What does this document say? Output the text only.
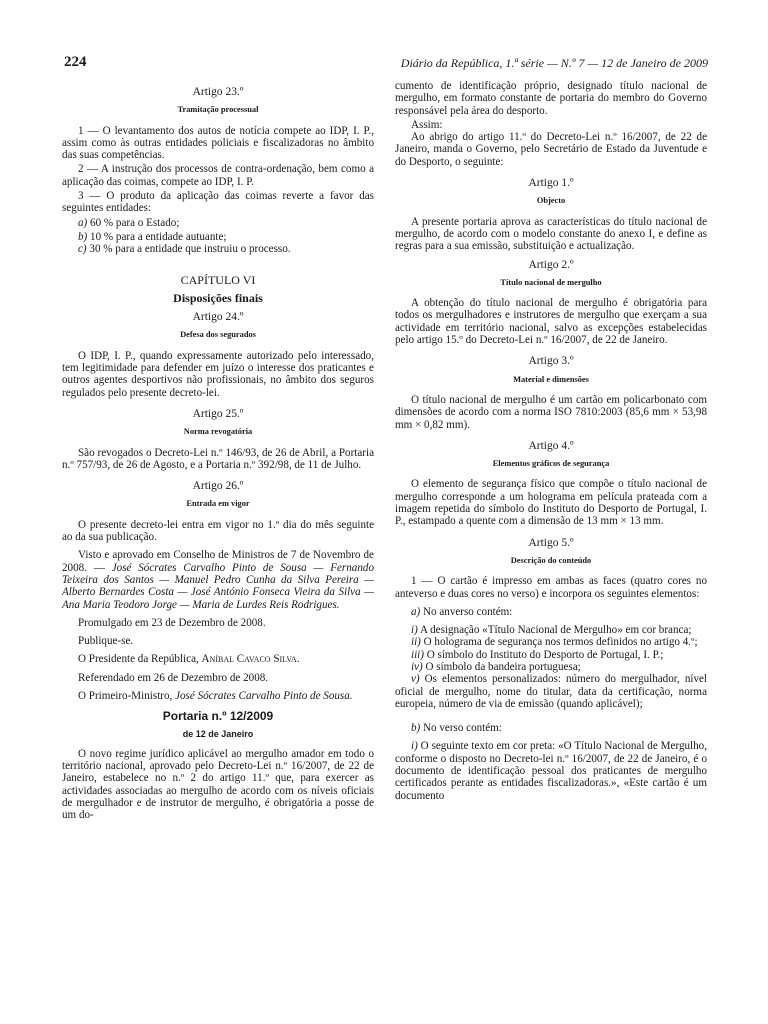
224	Diário da República, 1.ª série — N.º 7 — 12 de Janeiro de 2009
Artigo 23.º
Tramitação processual

1 — O levantamento dos autos de notícia compete ao IDP, I. P., assim como às outras entidades policiais e fiscalizadoras no âmbito das suas competências.

2 — A instrução dos processos de contra-ordenação, bem como a aplicação das coimas, compete ao IDP, I. P.

3 — O produto da aplicação das coimas reverte a favor das seguintes entidades:

a) 60 % para o Estado;

b) 10 % para a entidade autuante;

c) 30 % para a entidade que instruiu o processo.

CAPÍTULO VI
Disposições finais
Artigo 24.º
Defesa dos segurados

O IDP, I. P., quando expressamente autorizado pelo interessado, tem legitimidade para defender em juízo o interesse dos praticantes e outros agentes desportivos não profissionais, no âmbito dos seguros regulados pelo presente decreto-lei.

Artigo 25.º
Norma revogatória

São revogados o Decreto-Lei n.º 146/93, de 26 de Abril, a Portaria n.º 757/93, de 26 de Agosto, e a Portaria n.º 392/98, de 11 de Julho.

Artigo 26.º
Entrada em vigor

O presente decreto-lei entra em vigor no 1.º dia do mês seguinte ao da sua publicação.

Visto e aprovado em Conselho de Ministros de 7 de Novembro de 2008. — José Sócrates Carvalho Pinto de Sousa — Fernando Teixeira dos Santos — Manuel Pedro Cunha da Silva Pereira — Alberto Bernardes Costa — José António Fonseca Vieira da Silva — Ana Maria Teodoro Jorge — Maria de Lurdes Reis Rodrigues.

Promulgado em 23 de Dezembro de 2008.

Publique-se.

O Presidente da República, Aníbal Cavaco Silva.

Referendado em 26 de Dezembro de 2008.

O Primeiro-Ministro, José Sócrates Carvalho Pinto de Sousa.

Portaria n.º 12/2009
de 12 de Janeiro

O novo regime jurídico aplicável ao mergulho amador em todo o território nacional, aprovado pelo Decreto-Lei n.º 16/2007, de 22 de Janeiro, estabelece no n.º 2 do artigo 11.º que, para exercer as actividades associadas ao mergulho de acordo com os níveis oficiais de mergulhador e de instrutor de mergulho, é obrigatória a posse de um do-

cumento de identificação próprio, designado título nacional de mergulho, em formato constante de portaria do membro do Governo responsável pela área do desporto.

Assim:

Ao abrigo do artigo 11.º do Decreto-Lei n.º 16/2007, de 22 de Janeiro, manda o Governo, pelo Secretário de Estado da Juventude e do Desporto, o seguinte:

Artigo 1.º
Objecto

A presente portaria aprova as características do título nacional de mergulho, de acordo com o modelo constante do anexo I, e define as regras para a sua emissão, substituição e actualização.

Artigo 2.º
Título nacional de mergulho

A obtenção do título nacional de mergulho é obrigatória para todos os mergulhadores e instrutores de mergulho que exerçam a sua actividade em território nacional, salvo as excepções estabelecidas pelo artigo 15.º do Decreto-Lei n.º 16/2007, de 22 de Janeiro.

Artigo 3.º
Material e dimensões

O título nacional de mergulho é um cartão em policarbonato com dimensões de acordo com a norma ISO 7810:2003 (85,6 mm × 53,98 mm × 0,82 mm).

Artigo 4.º
Elementos gráficos de segurança

O elemento de segurança físico que compõe o título nacional de mergulho corresponde a um holograma em película prateada com a imagem repetida do símbolo do Instituto do Desporto de Portugal, I. P., estampado a quente com a dimensão de 13 mm × 13 mm.

Artigo 5.º
Descrição do conteúdo

1 — O cartão é impresso em ambas as faces (quatro cores no anteverso e duas cores no verso) e incorpora os seguintes elementos:

a) No anverso contém:

i) A designação «Título Nacional de Mergulho» em cor branca;

ii) O holograma de segurança nos termos definidos no artigo 4.º;

iii) O símbolo do Instituto do Desporto de Portugal, I. P.;

iv) O símbolo da bandeira portuguesa;

v) Os elementos personalizados: número do mergulhador, nível oficial de mergulho, nome do titular, data da certificação, norma europeia, número de via de emissão (quando aplicável);

b) No verso contém:

i) O seguinte texto em cor preta: «O Título Nacional de Mergulho, conforme o disposto no Decreto-lei n.º 16/2007, de 22 de Janeiro, é o documento de identificação pessoal dos praticantes de mergulho certificados perante as entidades fiscalizadoras.», «Este cartão é um documento
